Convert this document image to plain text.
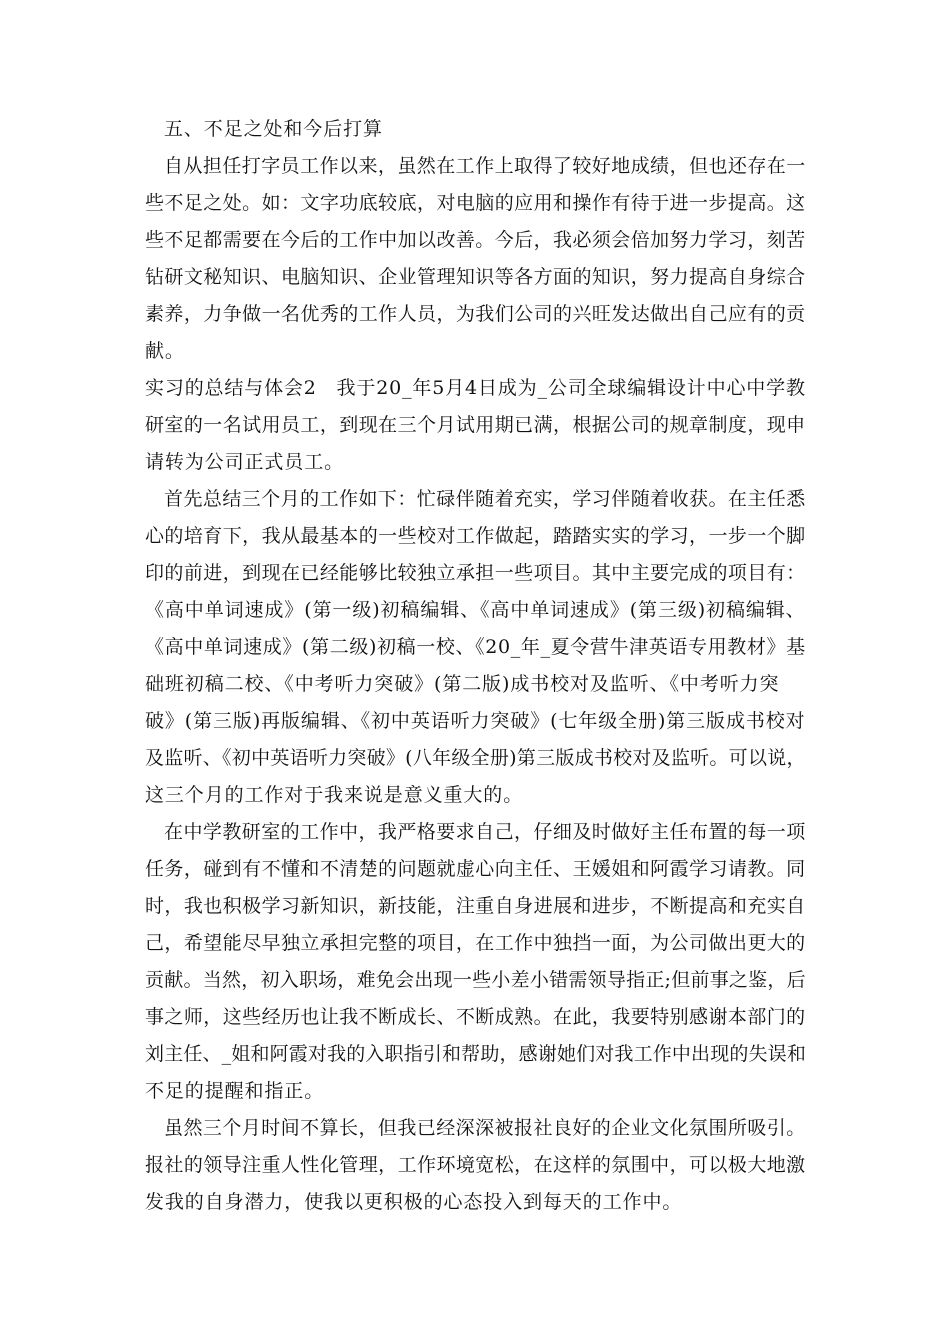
五、不足之处和今后打算
自从担任打字员工作以来，虽然在工作上取得了较好地成绩，但也还存在一
些不足之处。如：文字功底较底，对电脑的应用和操作有待于进一步提高。这
些不足都需要在今后的工作中加以改善。今后，我必须会倍加努力学习，刻苦
钻研文秘知识、电脑知识、企业管理知识等各方面的知识，努力提高自身综合
素养，力争做一名优秀的工作人员，为我们公司的兴旺发达做出自己应有的贡
献。
实习的总结与体会2　我于20_年5月4日成为_公司全球编辑设计中心中学教
研室的一名试用员工，到现在三个月试用期已满，根据公司的规章制度，现申
请转为公司正式员工。
首先总结三个月的工作如下：忙碌伴随着充实，学习伴随着收获。在主任悉
心的培育下，我从最基本的一些校对工作做起，踏踏实实的学习，一步一个脚
印的前进，到现在已经能够比较独立承担一些项目。其中主要完成的项目有：
《高中单词速成》(第一级)初稿编辑、《高中单词速成》(第三级)初稿编辑、
《高中单词速成》(第二级)初稿一校、《20_年_夏令营牛津英语专用教材》基
础班初稿二校、《中考听力突破》(第二版)成书校对及监听、《中考听力突
破》(第三版)再版编辑、《初中英语听力突破》(七年级全册)第三版成书校对
及监听、《初中英语听力突破》(八年级全册)第三版成书校对及监听。可以说，
这三个月的工作对于我来说是意义重大的。
在中学教研室的工作中，我严格要求自己，仔细及时做好主任布置的每一项
任务，碰到有不懂和不清楚的问题就虚心向主任、王媛姐和阿霞学习请教。同
时，我也积极学习新知识，新技能，注重自身进展和进步，不断提高和充实自
己，希望能尽早独立承担完整的项目，在工作中独挡一面，为公司做出更大的
贡献。当然，初入职场，难免会出现一些小差小错需领导指正;但前事之鉴，后
事之师，这些经历也让我不断成长、不断成熟。在此，我要特别感谢本部门的
刘主任、_姐和阿霞对我的入职指引和帮助，感谢她们对我工作中出现的失误和
不足的提醒和指正。
虽然三个月时间不算长，但我已经深深被报社良好的企业文化氛围所吸引。
报社的领导注重人性化管理，工作环境宽松，在这样的氛围中，可以极大地激
发我的自身潜力，使我以更积极的心态投入到每天的工作中。
